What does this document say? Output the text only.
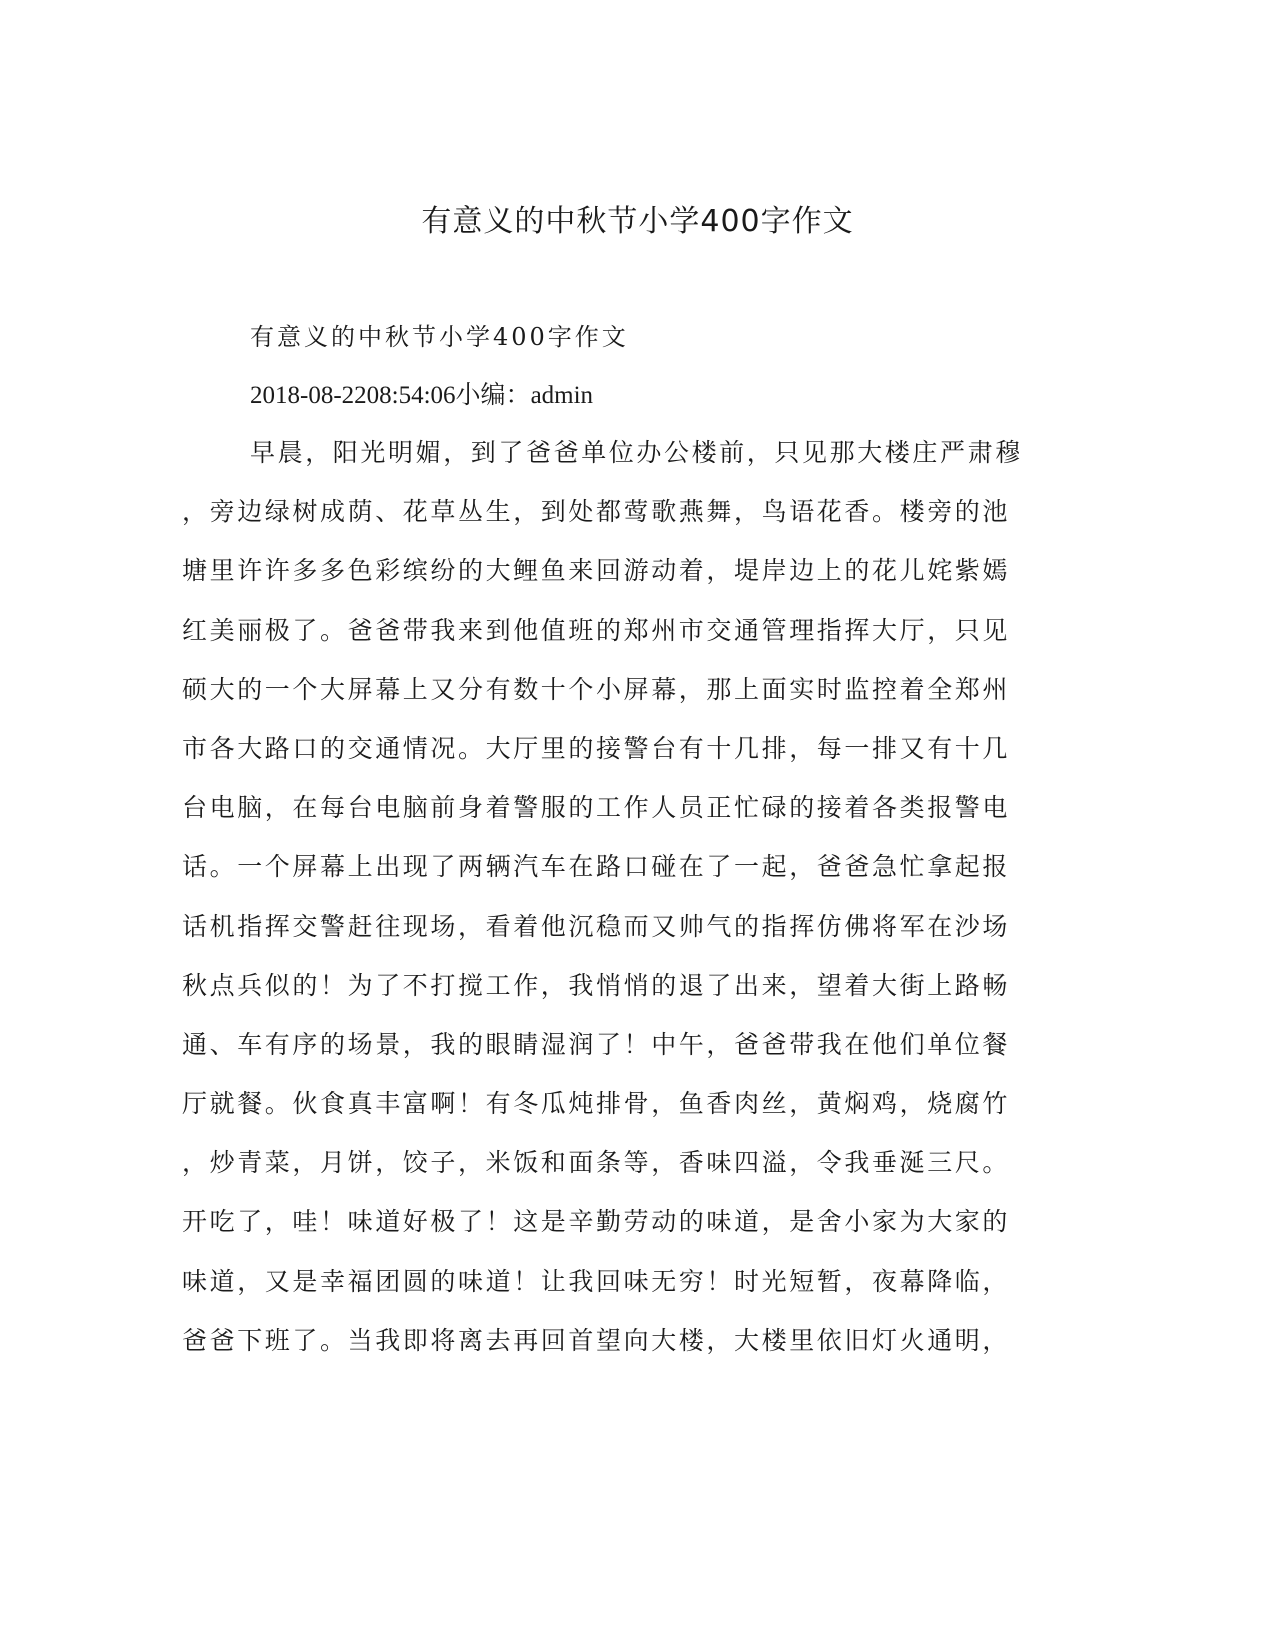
有意义的中秋节小学400字作文

有意义的中秋节小学400字作文

2018-08-2208:54:06小编：admin

早晨，阳光明媚，到了爸爸单位办公楼前，只见那大楼庄严肃穆
，旁边绿树成荫、花草丛生，到处都莺歌燕舞，鸟语花香。楼旁的池
塘里许许多多色彩缤纷的大鲤鱼来回游动着，堤岸边上的花儿姹紫嫣
红美丽极了。爸爸带我来到他值班的郑州市交通管理指挥大厅，只见
硕大的一个大屏幕上又分有数十个小屏幕，那上面实时监控着全郑州
市各大路口的交通情况。大厅里的接警台有十几排，每一排又有十几
台电脑，在每台电脑前身着警服的工作人员正忙碌的接着各类报警电
话。一个屏幕上出现了两辆汽车在路口碰在了一起，爸爸急忙拿起报
话机指挥交警赶往现场，看着他沉稳而又帅气的指挥仿佛将军在沙场
秋点兵似的！为了不打搅工作，我悄悄的退了出来，望着大街上路畅
通、车有序的场景，我的眼睛湿润了！中午，爸爸带我在他们单位餐
厅就餐。伙食真丰富啊！有冬瓜炖排骨，鱼香肉丝，黄焖鸡，烧腐竹
，炒青菜，月饼，饺子，米饭和面条等，香味四溢，令我垂涎三尺。
开吃了，哇！味道好极了！这是辛勤劳动的味道，是舍小家为大家的
味道，又是幸福团圆的味道！让我回味无穷！时光短暂，夜幕降临，
爸爸下班了。当我即将离去再回首望向大楼，大楼里依旧灯火通明，
